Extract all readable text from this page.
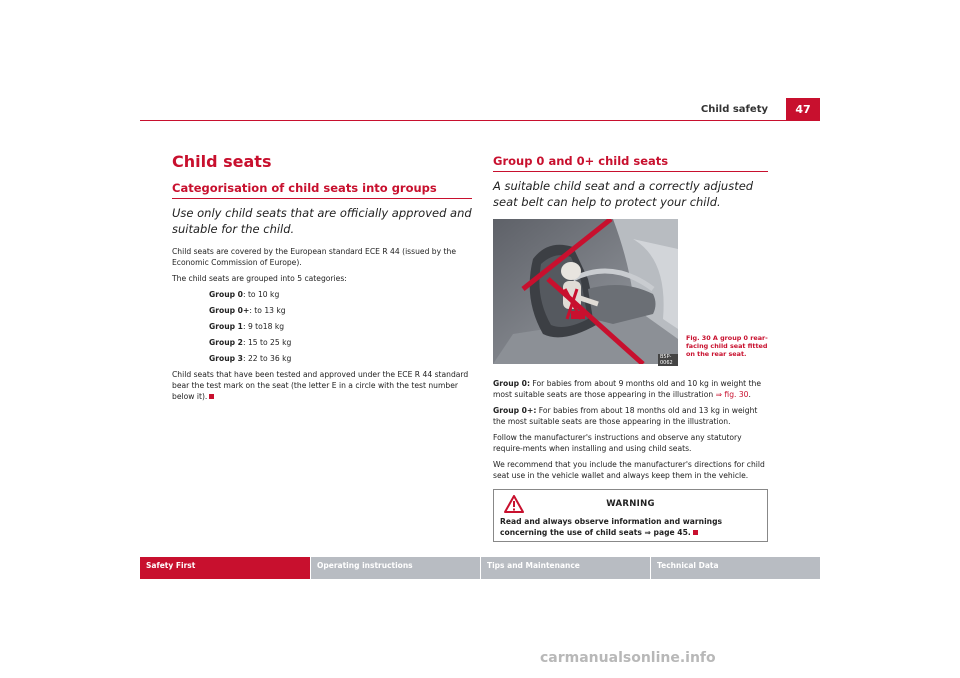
Child safety	47
Child seats
Categorisation of child seats into groups

Use only child seats that are officially approved and suitable for the child.

Child seats are covered by the European standard ECE R 44 (issued by the Economic Commission of Europe).

The child seats are grouped into 5 categories:

Group 0: to 10 kg
Group 0+: to 13 kg
Group 1: 9 to18 kg
Group 2: 15 to 25 kg
Group 3: 22 to 36 kg

Child seats that have been tested and approved under the ECE R 44 standard bear the test mark on the seat (the letter E in a circle with the test number below it).

Group 0 and 0+ child seats

A suitable child seat and a correctly adjusted seat belt can help to protect your child.

B5P-0062
Fig. 30 A group 0 rear-facing child seat fitted on the rear seat.

Group 0: For babies from about 9 months old and 10 kg in weight the most suitable seats are those appearing in the illustration ⇒ fig. 30.

Group 0+: For babies from about 18 months old and 13 kg in weight the most suitable seats are those appearing in the illustration.

Follow the manufacturer's instructions and observe any statutory require-ments when installing and using child seats.

We recommend that you include the manufacturer's directions for child seat use in the vehicle wallet and always keep them in the vehicle.

WARNING
Read and always observe information and warnings concerning the use of child seats ⇒ page 45.
Safety First	Operating instructions	Tips and Maintenance	Technical Data
carmanualsonline.info
